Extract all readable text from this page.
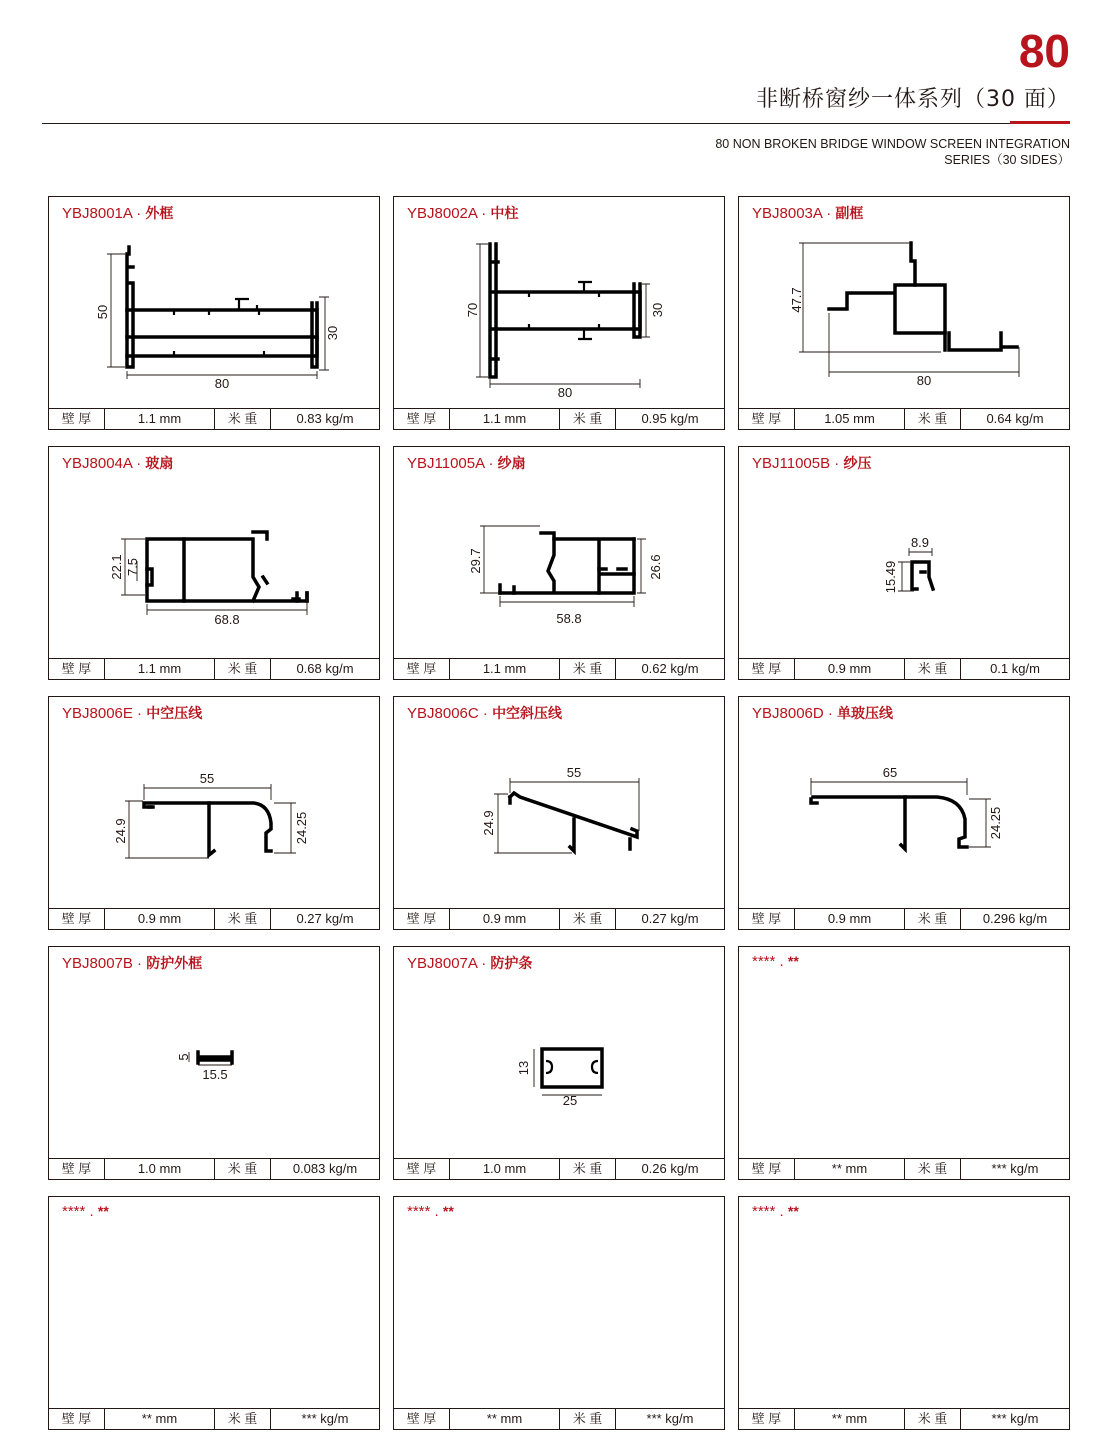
80
非断桥窗纱一体系列（30 面）
80 NON BROKEN BRIDGE WINDOW SCREEN INTEGRATION
SERIES（30 SIDES）
YBJ8001A · 外框
50
80
30
壁 厚	1.1 mm	米 重	0.83 kg/m
YBJ8002A · 中柱
70
80
30
壁 厚	1.1 mm	米 重	0.95 kg/m
YBJ8003A · 副框
47.7
80
壁 厚	1.05 mm	米 重	0.64 kg/m
YBJ8004A · 玻扇
22.1 7.5
68.8
壁 厚	1.1 mm	米 重	0.68 kg/m
YBJ11005A · 纱扇
29.7	26.6
58.8
壁 厚	1.1 mm	米 重	0.62 kg/m
YBJ11005B · 纱压
8.9
15.49
壁 厚	0.9 mm	米 重	0.1 kg/m
YBJ8006E · 中空压线
55
24.9	24.25
壁 厚	0.9 mm	米 重	0.27 kg/m
YBJ8006C · 中空斜压线
55
24.9
壁 厚	0.9 mm	米 重	0.27 kg/m
YBJ8006D · 单玻压线
65
24.25
壁 厚	0.9 mm	米 重	0.296 kg/m
YBJ8007B · 防护外框
5
15.5
壁 厚	1.0 mm	米 重	0.083 kg/m
YBJ8007A · 防护条
13
25
壁 厚	1.0 mm	米 重	0.26 kg/m
**** . **
壁 厚	** mm	米 重	*** kg/m
**** . **
壁 厚	** mm	米 重	*** kg/m
**** . **
壁 厚	** mm	米 重	*** kg/m
**** . **
壁 厚	** mm	米 重	*** kg/m
